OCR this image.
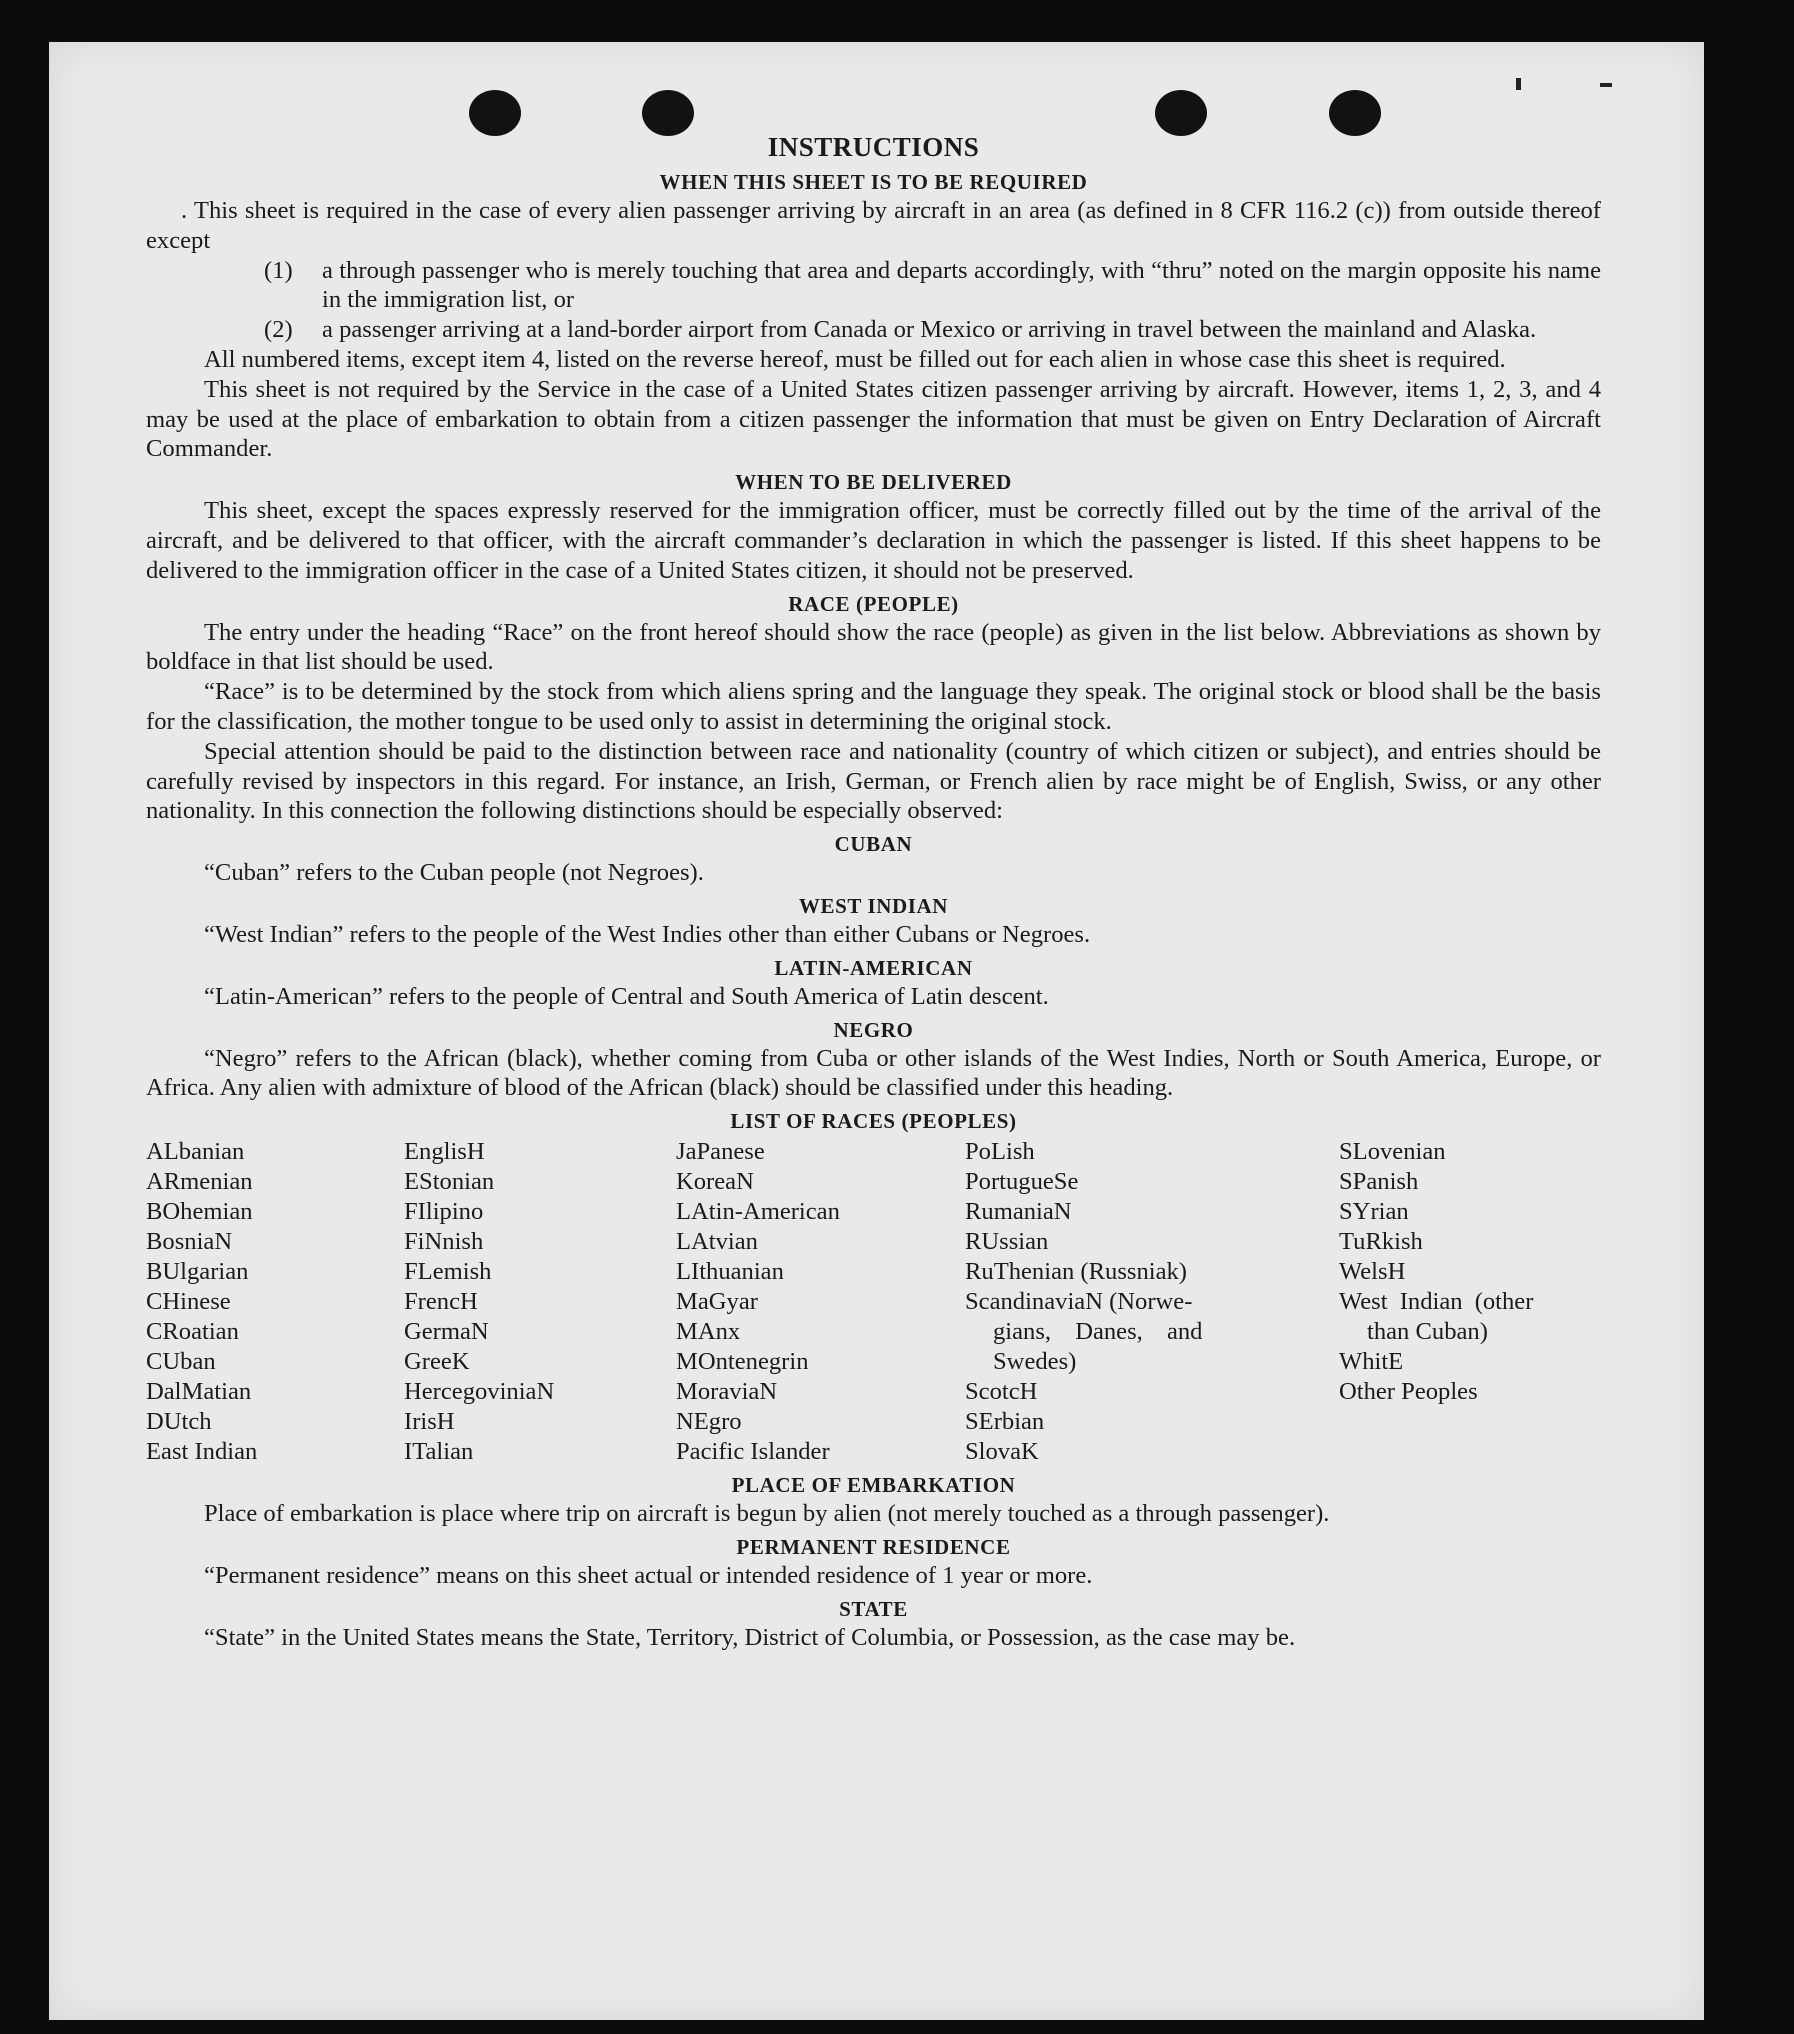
INSTRUCTIONS
WHEN THIS SHEET IS TO BE REQUIRED

. This sheet is required in the case of every alien passenger arriving by aircraft in an area (as defined in 8 CFR 116.2 (c)) from outside thereof except

(1)	a through passenger who is merely touching that area and departs accordingly, with “thru” noted on the margin opposite his name in the immigration list, or
(2)	a passenger arriving at a land-border airport from Canada or Mexico or arriving in travel between the mainland and Alaska.

All numbered items, except item 4, listed on the reverse hereof, must be filled out for each alien in whose case this sheet is required.

This sheet is not required by the Service in the case of a United States citizen passenger arriving by aircraft. However, items 1, 2, 3, and 4 may be used at the place of embarkation to obtain from a citizen passenger the information that must be given on Entry Declaration of Aircraft Commander.

WHEN TO BE DELIVERED

This sheet, except the spaces expressly reserved for the immigration officer, must be correctly filled out by the time of the arrival of the aircraft, and be delivered to that officer, with the aircraft commander’s declaration in which the passenger is listed. If this sheet happens to be delivered to the immigration officer in the case of a United States citizen, it should not be preserved.

RACE (PEOPLE)

The entry under the heading “Race” on the front hereof should show the race (people) as given in the list below. Abbreviations as shown by boldface in that list should be used.

“Race” is to be determined by the stock from which aliens spring and the language they speak. The original stock or blood shall be the basis for the classification, the mother tongue to be used only to assist in determining the original stock.

Special attention should be paid to the distinction between race and nationality (country of which citizen or subject), and entries should be carefully revised by inspectors in this regard. For instance, an Irish, German, or French alien by race might be of English, Swiss, or any other nationality. In this connection the following distinctions should be especially observed:

CUBAN

“Cuban” refers to the Cuban people (not Negroes).

WEST INDIAN

“West Indian” refers to the people of the West Indies other than either Cubans or Negroes.

LATIN-AMERICAN

“Latin-American” refers to the people of Central and South America of Latin descent.

NEGRO

“Negro” refers to the African (black), whether coming from Cuba or other islands of the West Indies, North or South America, Europe, or Africa. Any alien with admixture of blood of the African (black) should be classified under this heading.

LIST OF RACES (PEOPLES)
ALbanian
ARmenian
BOhemian
BosniaN
BUlgarian
CHinese
CRoatian
CUban
DalMatian
DUtch
East Indian
EnglisH
EStonian
FIlipino
FiNnish
FLemish
FrencH
GermaN
GreeK
HercegoviniaN
IrisH
ITalian
JaPanese
KoreaN
LAtin-American
LAtvian
LIthuanian
MaGyar
MAnx
MOntenegrin
MoraviaN
NEgro
Pacific Islander
PoLish
PortugueSe
RumaniaN
RUssian
RuThenian (Russniak)
ScandinaviaN (Norwe-
gians, Danes, and
Swedes)
ScotcH
SErbian
SlovaK
SLovenian
SPanish
SYrian
TuRkish
WelsH
West Indian (other
than Cuban)
WhitE
Other Peoples
PLACE OF EMBARKATION

Place of embarkation is place where trip on aircraft is begun by alien (not merely touched as a through passenger).

PERMANENT RESIDENCE

“Permanent residence” means on this sheet actual or intended residence of 1 year or more.

STATE

“State” in the United States means the State, Territory, District of Columbia, or Possession, as the case may be.
